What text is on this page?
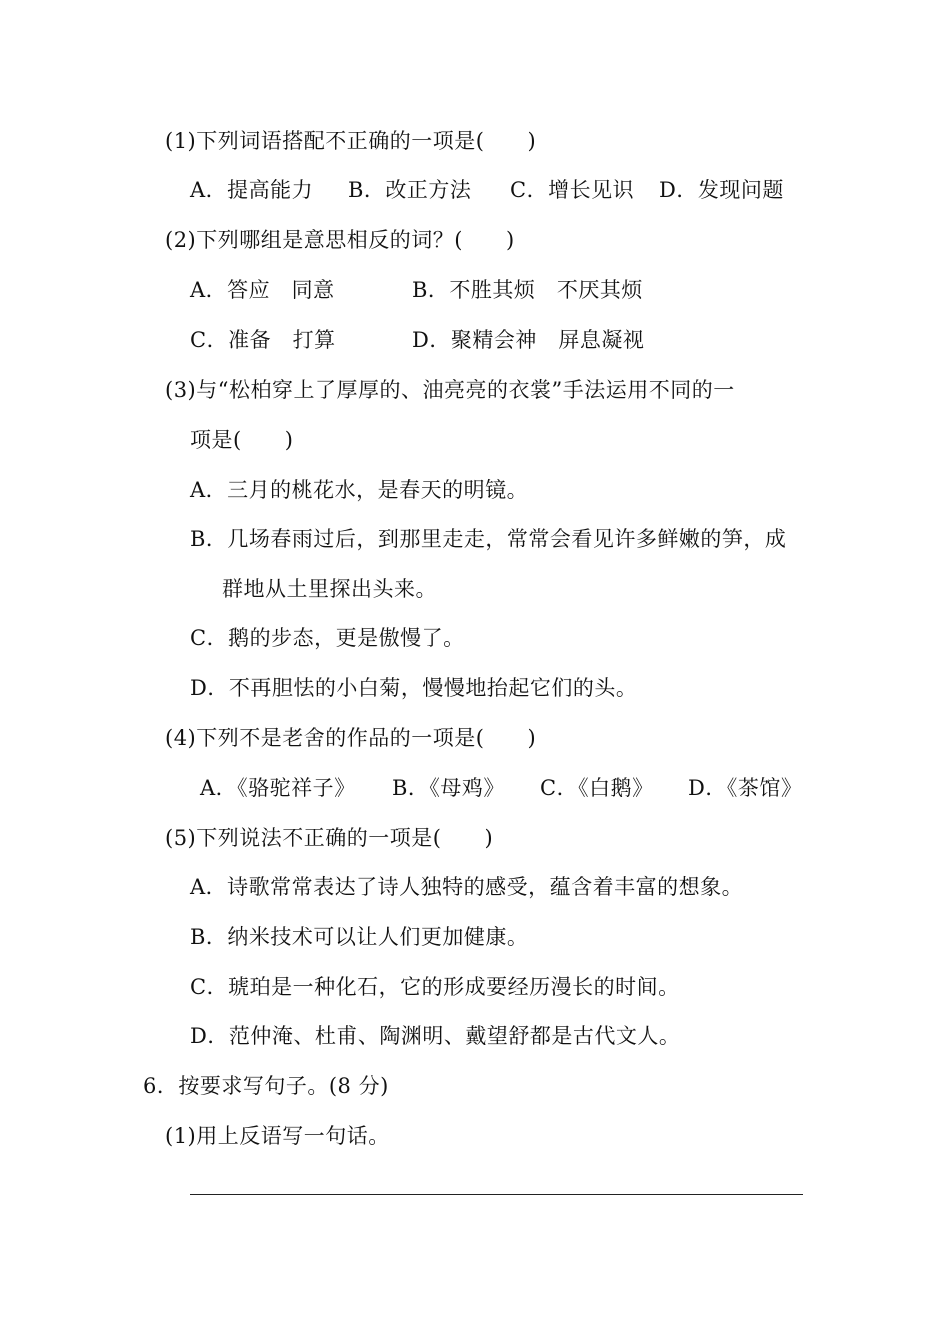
(1)下列词语搭配不正确的一项是(　　)
A．提高能力 B．改正方法 C．增长见识 D．发现问题
(2)下列哪组是意思相反的词？(　　)
A．答应　同意	B．不胜其烦　不厌其烦
C．准备　打算	D．聚精会神　屏息凝视
(3)与“松柏穿上了厚厚的、油亮亮的衣裳”手法运用不同的一
项是(　　)
A．三月的桃花水，是春天的明镜。
B．几场春雨过后，到那里走走，常常会看见许多鲜嫩的笋，成
群地从土里探出头来。
C．鹅的步态，更是傲慢了。
D．不再胆怯的小白菊，慢慢地抬起它们的头。
(4)下列不是老舍的作品的一项是(　　)
A．《骆驼祥子》 B．《母鸡》 C．《白鹅》 D．《茶馆》
(5)下列说法不正确的一项是(　　)
A．诗歌常常表达了诗人独特的感受，蕴含着丰富的想象。
B．纳米技术可以让人们更加健康。
C．琥珀是一种化石，它的形成要经历漫长的时间。
D．范仲淹、杜甫、陶渊明、戴望舒都是古代文人。
6．按要求写句子。(8 分)
(1)用上反语写一句话。
